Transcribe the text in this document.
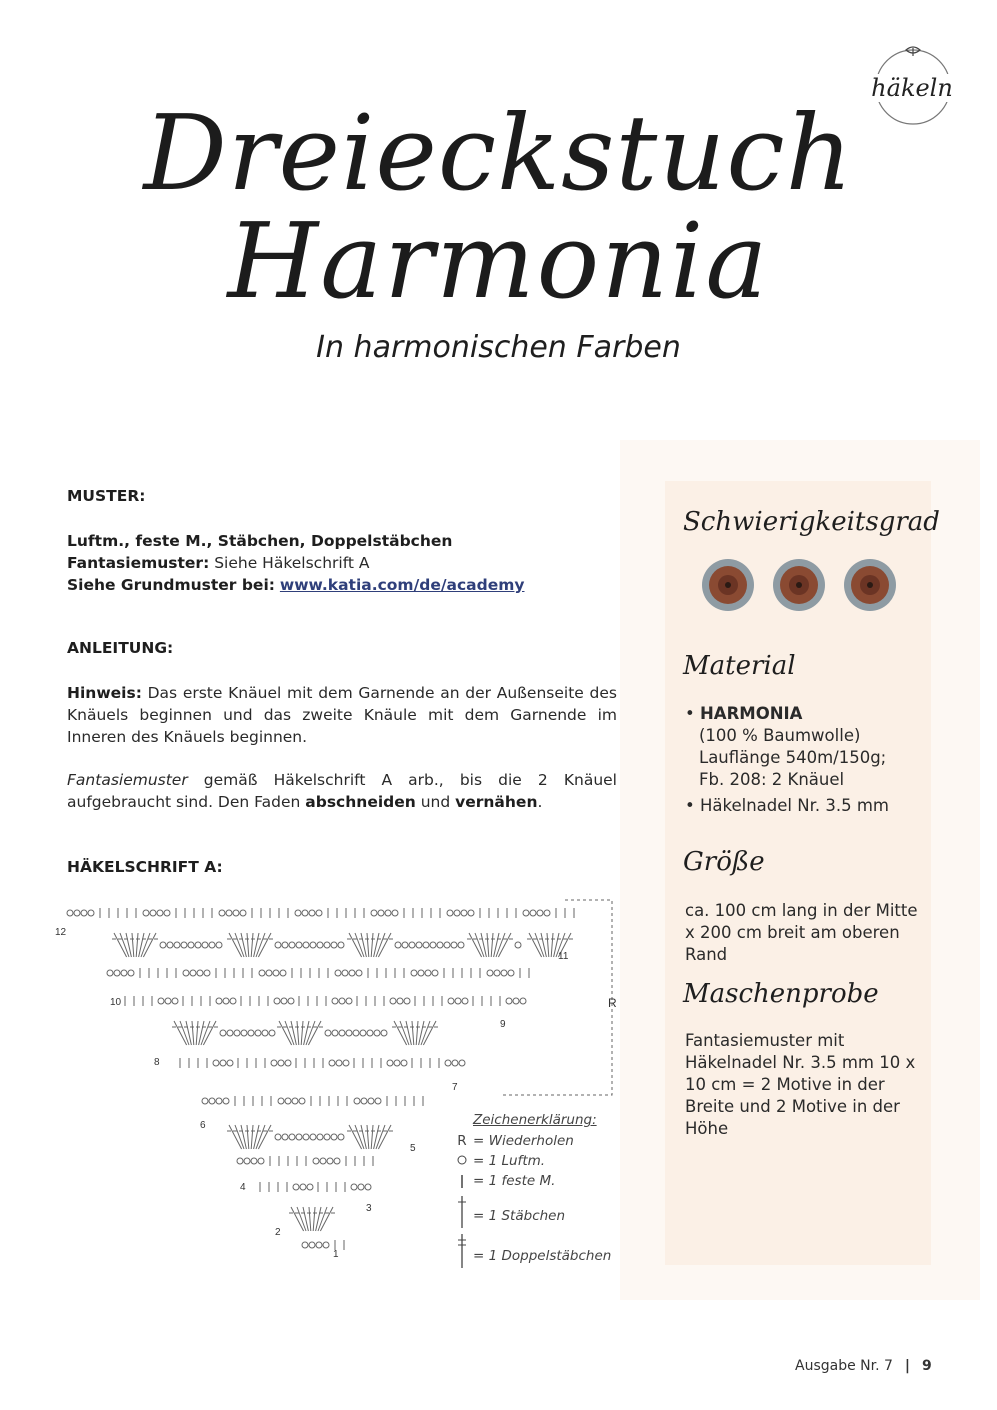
Dreieckstuch
Harmonia
In harmonischen Farben
häkeln
MUSTER:
Luftm., feste M., Stäbchen, Doppelstäbchen
Fantasiemuster: Siehe Häkelschrift A
Siehe Grundmuster bei: www.katia.com/de/academy
ANLEITUNG:
Hinweis: Das erste Knäuel mit dem Garnende an der Außenseite des Knäuels beginnen und das zweite Knäule mit dem Garnende im Inneren des Knäuels beginnen.
Fantasiemuster gemäß Häkelschrift A arb., bis die 2 Knäuel aufgebraucht sind. Den Faden abschneiden und vernähen.
HÄKELSCHRIFT A:
R
12
11
10
9
8
7
6
5
4
3
2
1
Zeichenerklärung:
R = Wiederholen
= 1 Luftm.
= 1 feste M.
= 1 Stäbchen
= 1 Doppelstäbchen
Schwierigkeitsgrad
Material
• HARMONIA
(100 % Baumwolle)
Lauflänge 540m/150g;
Fb. 208: 2 Knäuel
• Häkelnadel Nr. 3.5 mm
Größe
ca. 100 cm lang in der Mitte x 200 cm breit am oberen Rand
Maschenprobe
Fantasiemuster mit Häkelnadel Nr. 3.5 mm 10 x 10 cm = 2 Motive in der Breite und 2 Motive in der Höhe
Ausgabe Nr. 7 | 9
